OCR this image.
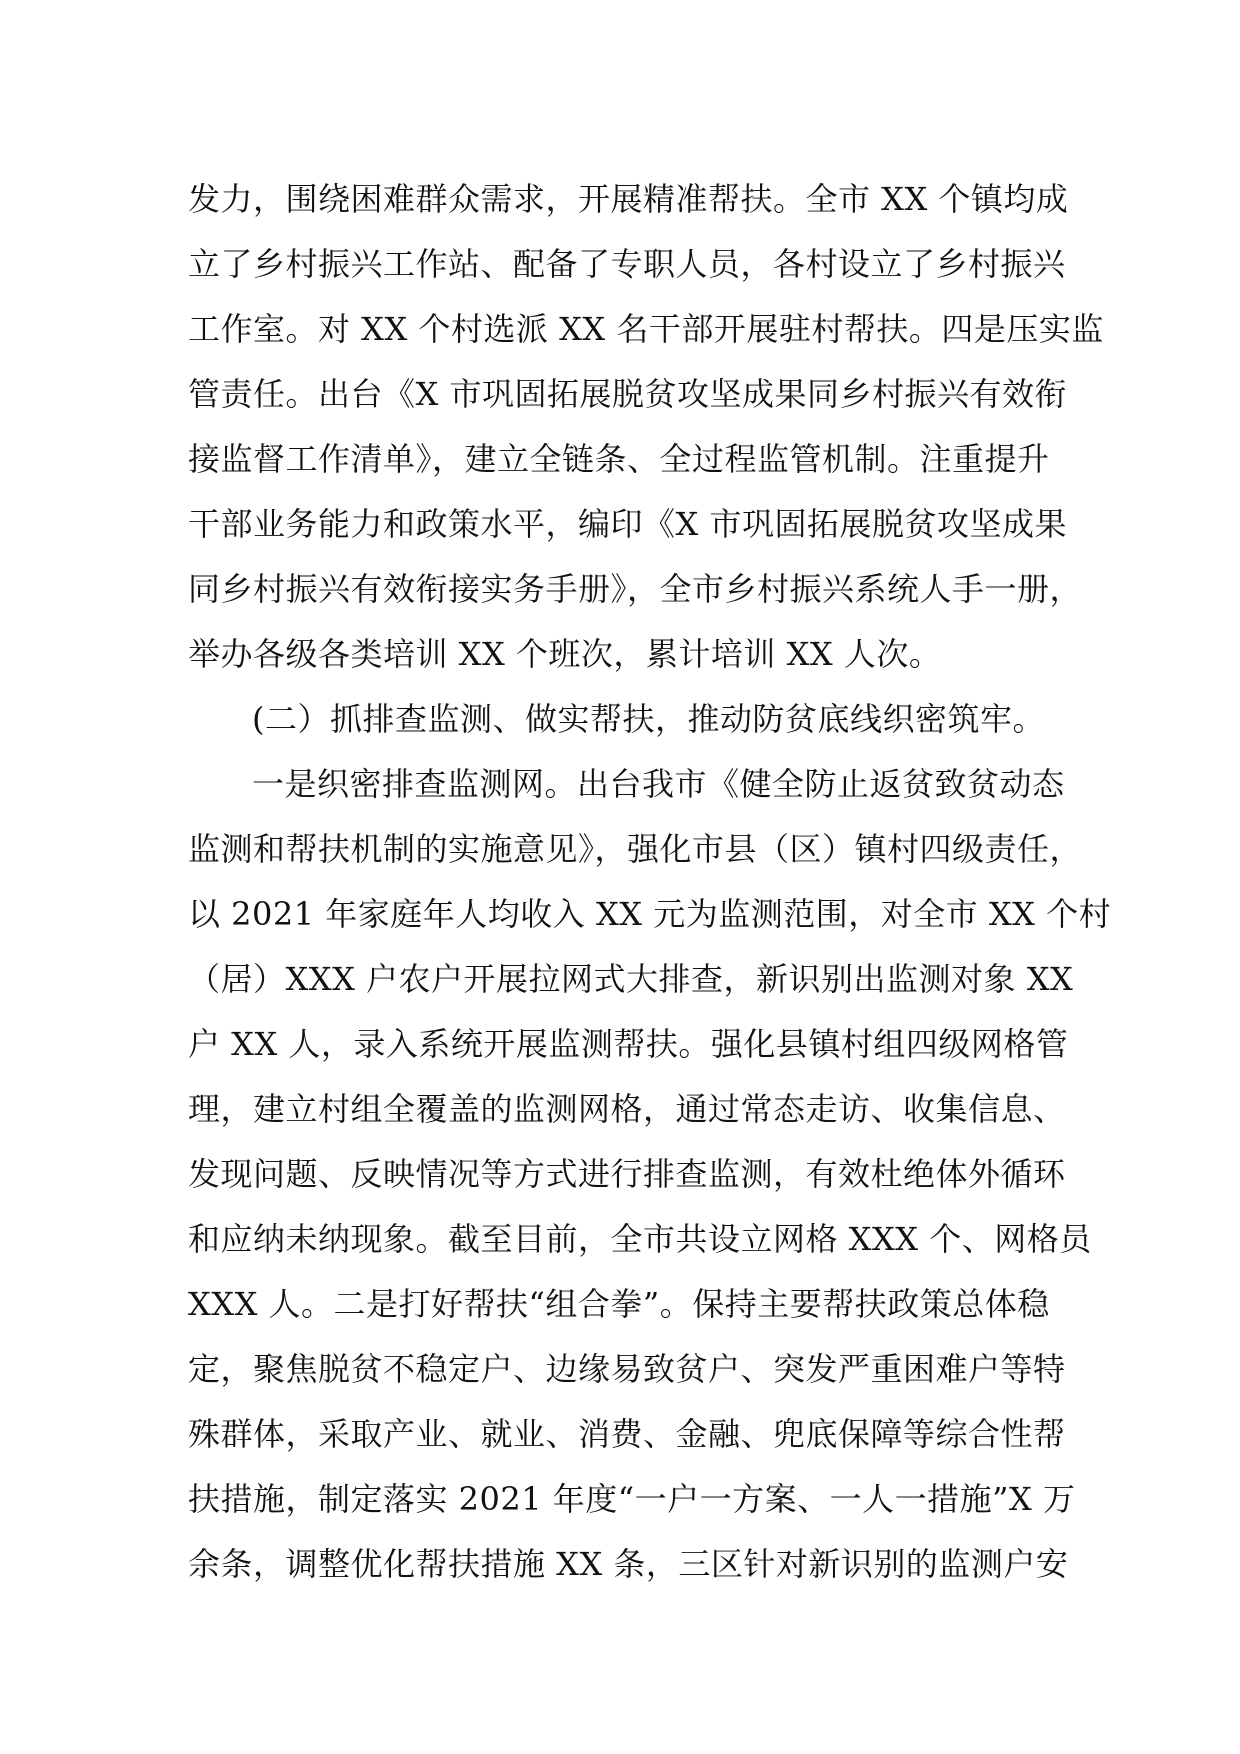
发力，围绕困难群众需求，开展精准帮扶。全市 XX 个镇均成
立了乡村振兴工作站、配备了专职人员，各村设立了乡村振兴
工作室。对 XX 个村选派 XX 名干部开展驻村帮扶。四是压实监
管责任。出台《X 市巩固拓展脱贫攻坚成果同乡村振兴有效衔
接监督工作清单》，建立全链条、全过程监管机制。注重提升
干部业务能力和政策水平，编印《X 市巩固拓展脱贫攻坚成果
同乡村振兴有效衔接实务手册》，全市乡村振兴系统人手一册，
举办各级各类培训 XX 个班次，累计培训 XX 人次。
(二）抓排查监测、做实帮扶，推动防贫底线织密筑牢。
一是织密排查监测网。出台我市《健全防止返贫致贫动态
监测和帮扶机制的实施意见》，强化市县（区）镇村四级责任，
以 2021 年家庭年人均收入 XX 元为监测范围，对全市 XX 个村
（居）XXX 户农户开展拉网式大排查，新识别出监测对象 XX
户 XX 人，录入系统开展监测帮扶。强化县镇村组四级网格管
理，建立村组全覆盖的监测网格，通过常态走访、收集信息、
发现问题、反映情况等方式进行排查监测，有效杜绝体外循环
和应纳未纳现象。截至目前，全市共设立网格 XXX 个、网格员
XXX 人。二是打好帮扶“组合拳”。保持主要帮扶政策总体稳
定，聚焦脱贫不稳定户、边缘易致贫户、突发严重困难户等特
殊群体，采取产业、就业、消费、金融、兜底保障等综合性帮
扶措施，制定落实 2021 年度“一户一方案、一人一措施”X 万
余条，调整优化帮扶措施 XX 条，三区针对新识别的监测户安
